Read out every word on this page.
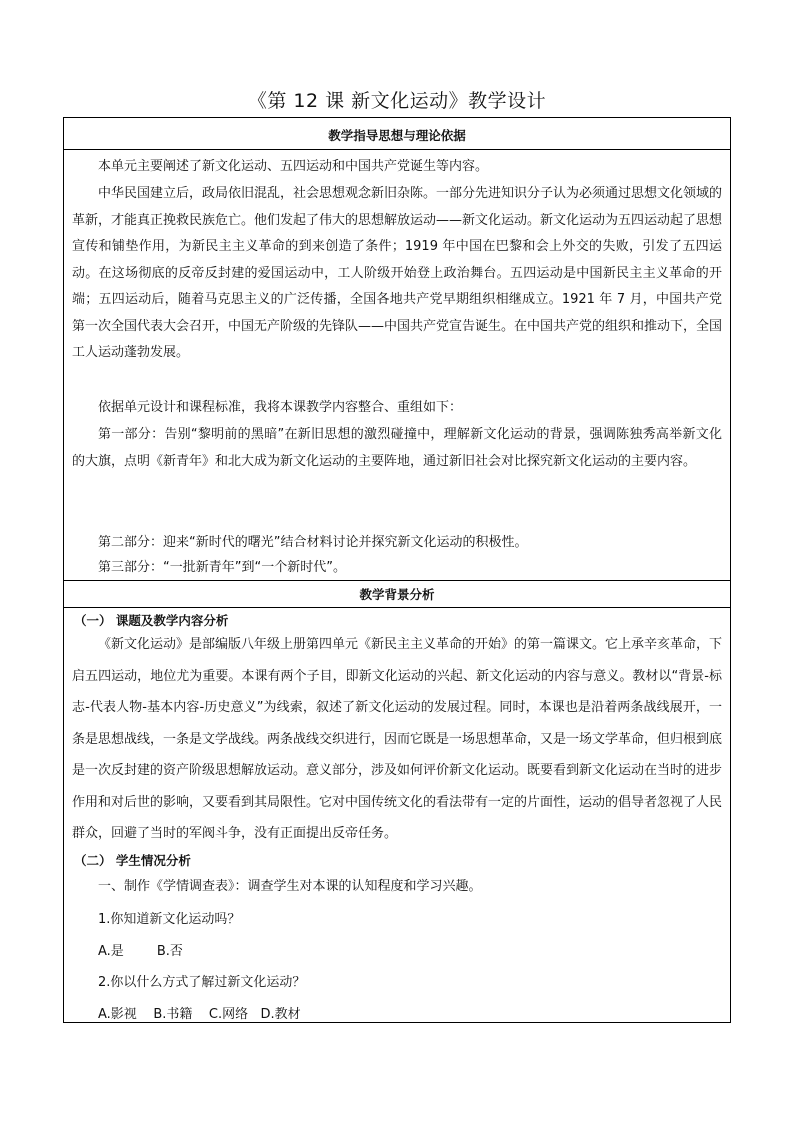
《第 12 课 新文化运动》教学设计
教学指导思想与理论依据
本单元主要阐述了新文化运动、五四运动和中国共产党诞生等内容。
中华民国建立后，政局依旧混乱，社会思想观念新旧杂陈。一部分先进知识分子认为必须通过思想文化领域的革新，才能真正挽救民族危亡。他们发起了伟大的思想解放运动——新文化运动。新文化运动为五四运动起了思想宣传和铺垫作用，为新民主主义革命的到来创造了条件；1919 年中国在巴黎和会上外交的失败，引发了五四运动。在这场彻底的反帝反封建的爱国运动中，工人阶级开始登上政治舞台。五四运动是中国新民主主义革命的开端；五四运动后，随着马克思主义的广泛传播，全国各地共产党早期组织相继成立。1921 年 7 月，中国共产党第一次全国代表大会召开，中国无产阶级的先锋队——中国共产党宣告诞生。在中国共产党的组织和推动下，全国工人运动蓬勃发展。
依据单元设计和课程标准，我将本课教学内容整合、重组如下：
第一部分：告别“黎明前的黑暗”在新旧思想的激烈碰撞中，理解新文化运动的背景，强调陈独秀高举新文化的大旗，点明《新青年》和北大成为新文化运动的主要阵地，通过新旧社会对比探究新文化运动的主要内容。
第二部分：迎来“新时代的曙光”结合材料讨论并探究新文化运动的积极性。
第三部分：“一批新青年”到“一个新时代”。
教学背景分析
（一） 课题及教学内容分析
《新文化运动》是部编版八年级上册第四单元《新民主主义革命的开始》的第一篇课文。它上承辛亥革命，下启五四运动，地位尤为重要。本课有两个子目，即新文化运动的兴起、新文化运动的内容与意义。教材以“背景-标志-代表人物-基本内容-历史意义”为线索，叙述了新文化运动的发展过程。同时，本课也是沿着两条战线展开，一条是思想战线，一条是文学战线。两条战线交织进行，因而它既是一场思想革命，又是一场文学革命，但归根到底是一次反封建的资产阶级思想解放运动。意义部分，涉及如何评价新文化运动。既要看到新文化运动在当时的进步作用和对后世的影响，又要看到其局限性。它对中国传统文化的看法带有一定的片面性，运动的倡导者忽视了人民群众，回避了当时的军阀斗争，没有正面提出反帝任务。
（二） 学生情况分析
一、制作《学情调查表》：调查学生对本课的认知程度和学习兴趣。
1.你知道新文化运动吗？
A.是        B.否
2.你以什么方式了解过新文化运动？
A.影视    B.书籍    C.网络   D.教材
